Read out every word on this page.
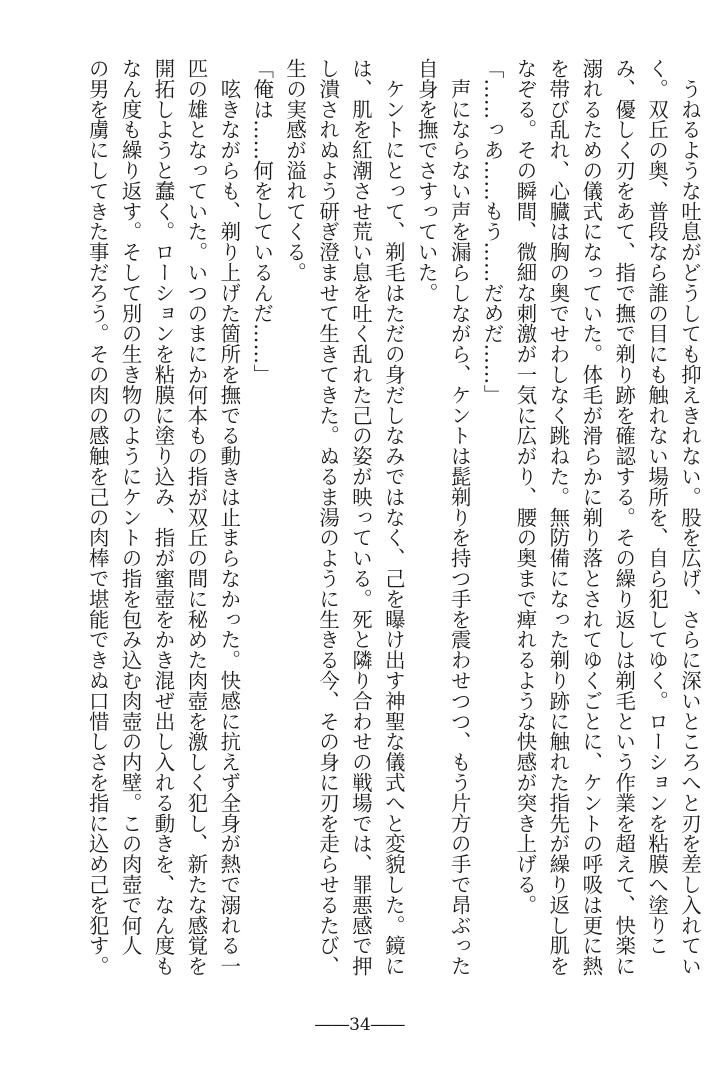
　うねるような吐息がどうしても抑えきれない。股を広げ、さらに深いところへと刃を差し入れてい
く。双丘の奥、普段なら誰の目にも触れない場所を、自ら犯してゆく。ローションを粘膜へ塗りこ
み、優しく刃をあて、指で撫で剃り跡を確認する。その繰り返しは剃毛という作業を超えて、快楽に
溺れるための儀式になっていた。体毛が滑らかに剃り落とされてゆくごとに、ケントの呼吸は更に熱
を帯び乱れ、心臓は胸の奥でせわしなく跳ねた。無防備になった剃り跡に触れた指先が繰り返し肌を
なぞる。その瞬間、微細な刺激が一気に広がり、腰の奥まで痺れるような快感が突き上げる。
「……っあ……もう……だめだ……」
　声にならない声を漏らしながら、ケントは髭剃りを持つ手を震わせつつ、もう片方の手で昂ぶった
自身を撫でさすっていた。
　ケントにとって、剃毛はただの身だしなみではなく、己を曝け出す神聖な儀式へと変貌した。鏡に
は、肌を紅潮させ荒い息を吐く乱れた己の姿が映っている。死と隣り合わせの戦場では、罪悪感で押
し潰されぬよう研ぎ澄ませて生きてきた。ぬるま湯のように生きる今、その身に刃を走らせるたび、
生の実感が溢れてくる。
「俺は……何をしているんだ……」
　呟きながらも、剃り上げた箇所を撫でる動きは止まらなかった。快感に抗えず全身が熱で溺れる一
匹の雄となっていた。いつのまにか何本もの指が双丘の間に秘めた肉壺を激しく犯し、新たな感覚を
開拓しようと蠢く。ローションを粘膜に塗り込み、指が蜜壺をかき混ぜ出し入れる動きを、なん度も
なん度も繰り返す。そして別の生き物のようにケントの指を包み込む肉壺の内壁。この肉壺で何人
の男を虜にしてきた事だろう。その肉の感触を己の肉棒で堪能できぬ口惜しさを指に込め己を犯す。
――34――
